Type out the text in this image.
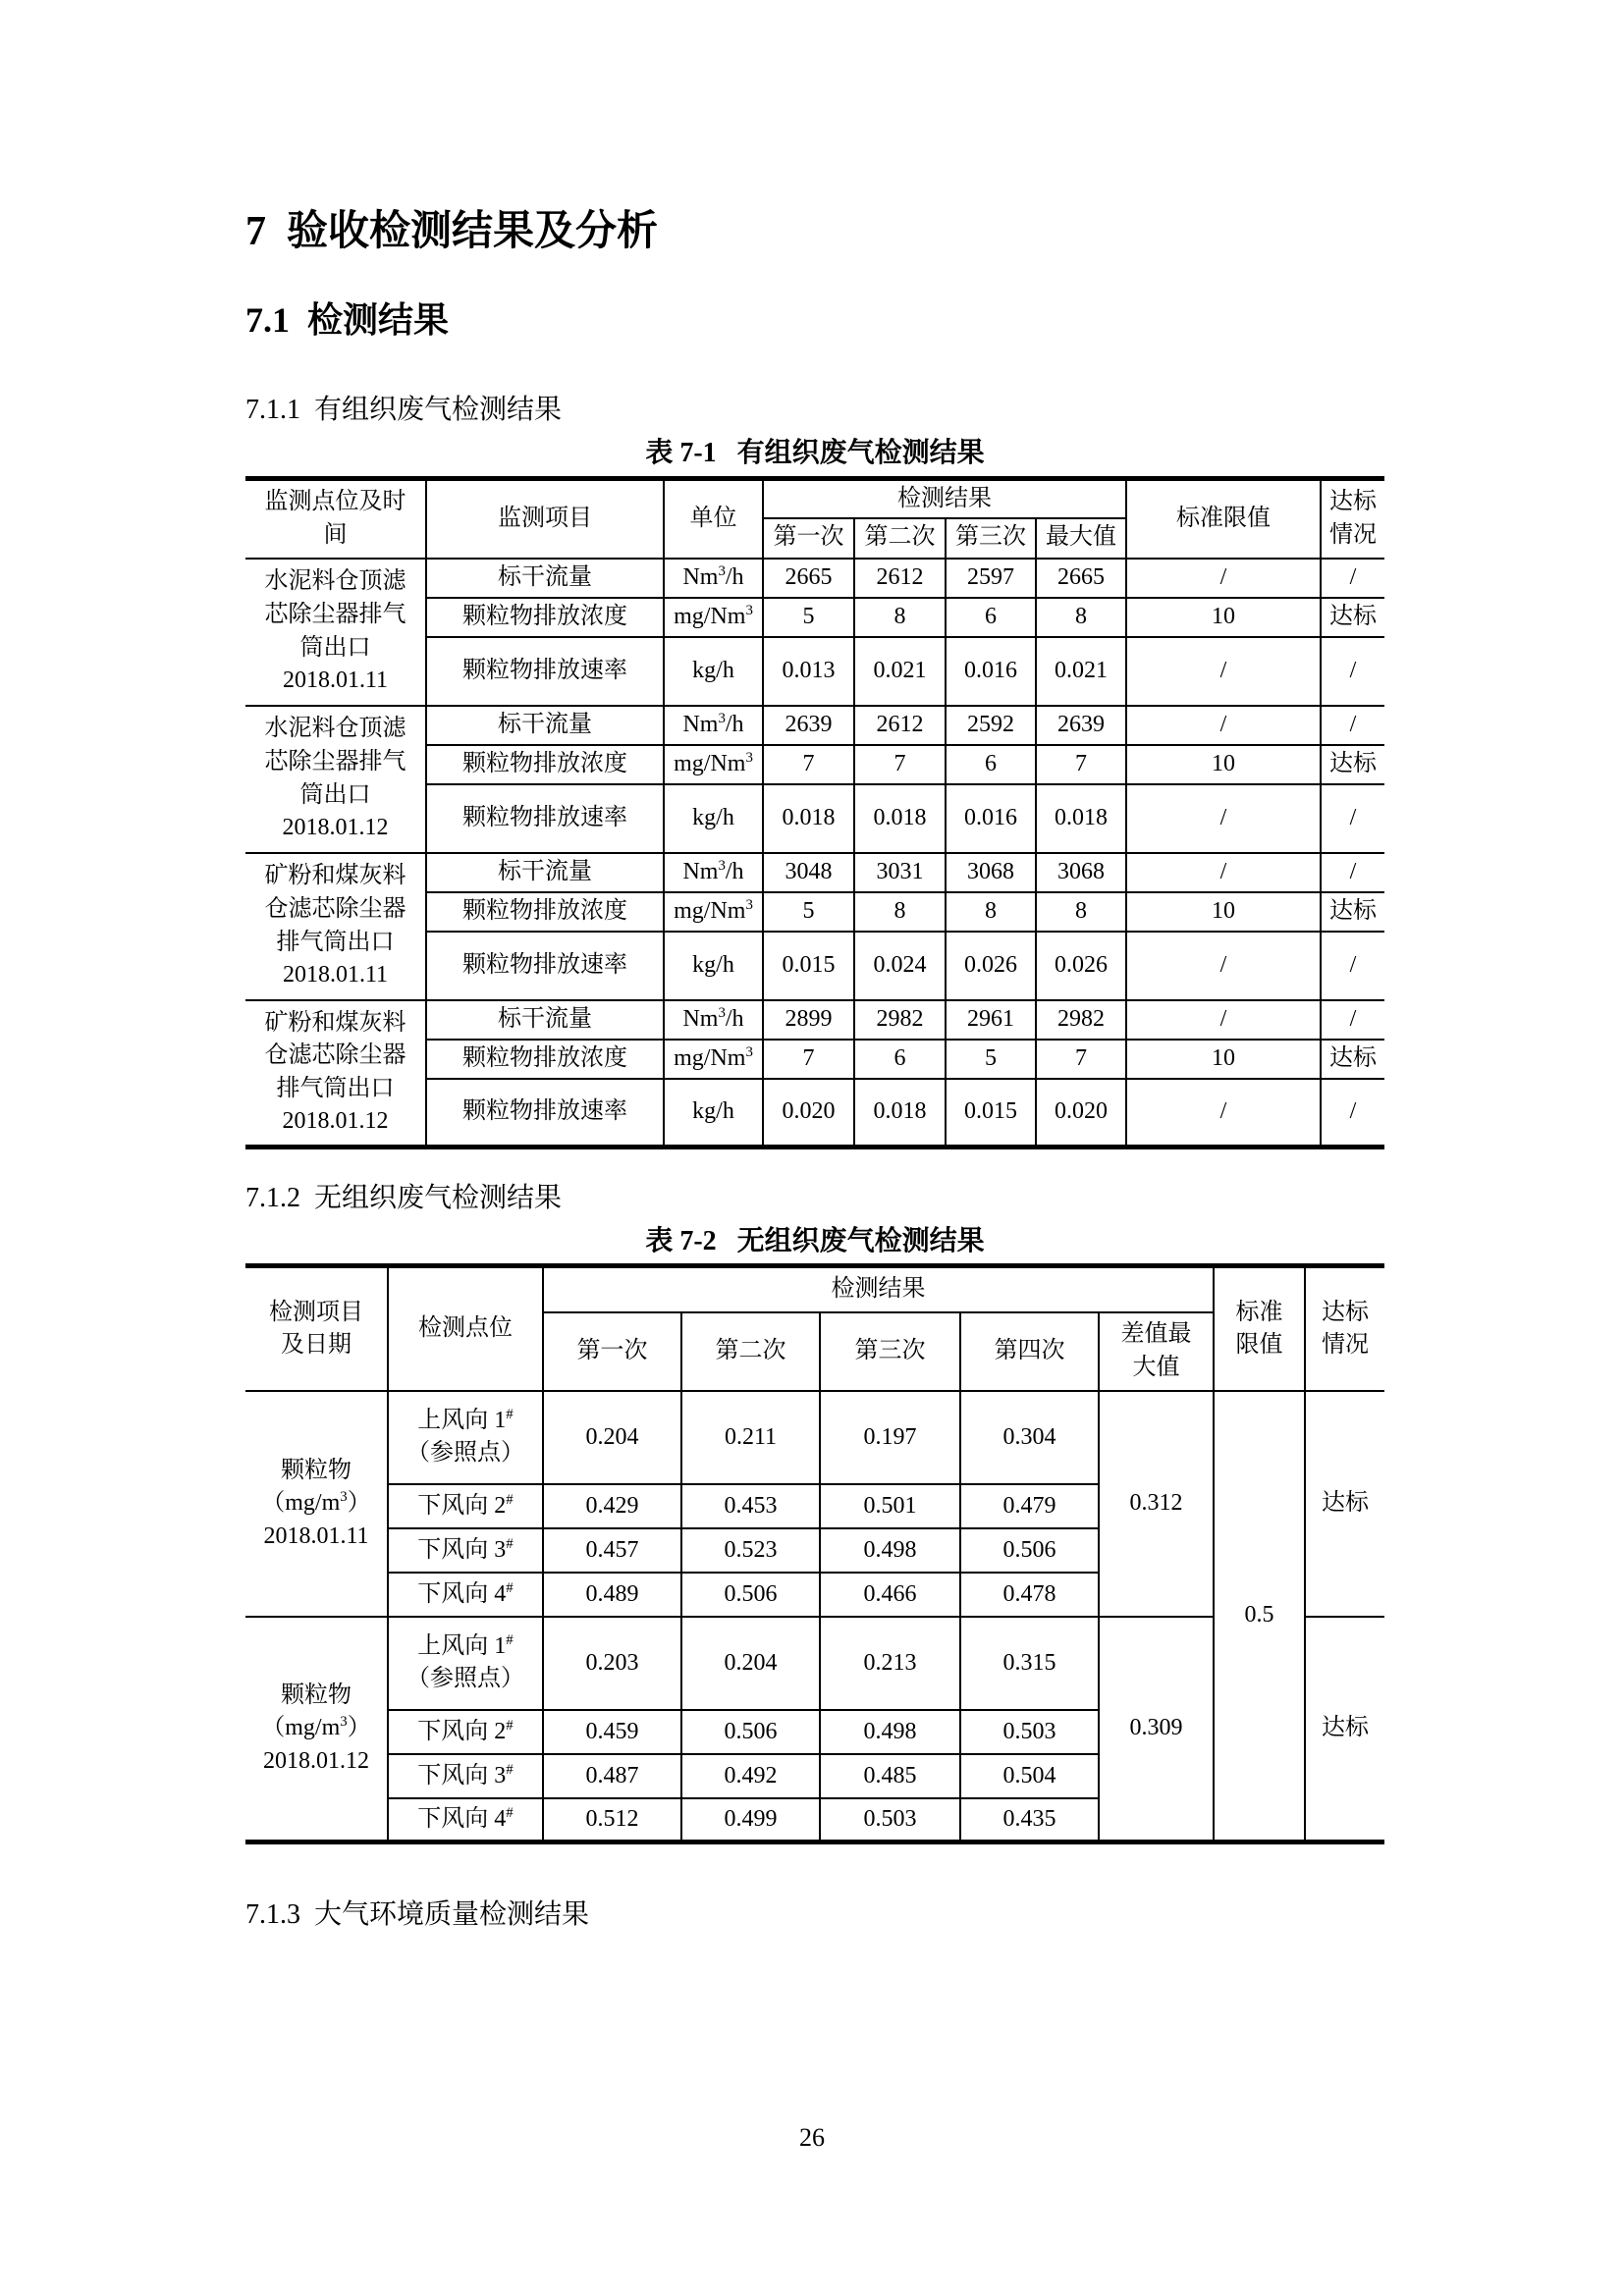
7  验收检测结果及分析
7.1  检测结果
7.1.1  有组织废气检测结果
表 7-1   有组织废气检测结果
监测点位及时
间	监测项目	单位	检测结果				标准限值	达标
情况
			第一次	第二次	第三次	最大值		
水泥料仓顶滤
芯除尘器排气
筒出口
2018.01.11	标干流量	Nm$^3$/h	2665	2612	2597	2665	/	/
	颗粒物排放浓度	mg/Nm$^3$	5	8	6	8	10	达标
	颗粒物排放速率	kg/h	0.013	0.021	0.016	0.021	/	/
水泥料仓顶滤
芯除尘器排气
筒出口
2018.01.12	标干流量	Nm$^3$/h	2639	2612	2592	2639	/	/
	颗粒物排放浓度	mg/Nm$^3$	7	7	6	7	10	达标
	颗粒物排放速率	kg/h	0.018	0.018	0.016	0.018	/	/
矿粉和煤灰料
仓滤芯除尘器
排气筒出口
2018.01.11	标干流量	Nm$^3$/h	3048	3031	3068	3068	/	/
	颗粒物排放浓度	mg/Nm$^3$	5	8	8	8	10	达标
	颗粒物排放速率	kg/h	0.015	0.024	0.026	0.026	/	/
矿粉和煤灰料
仓滤芯除尘器
排气筒出口
2018.01.12	标干流量	Nm$^3$/h	2899	2982	2961	2982	/	/
	颗粒物排放浓度	mg/Nm$^3$	7	6	5	7	10	达标
	颗粒物排放速率	kg/h	0.020	0.018	0.015	0.020	/	/
7.1.2  无组织废气检测结果
表 7-2   无组织废气检测结果
检测项目
及日期	检测点位	检测结果					标准
限值	达标
情况
		第一次	第二次	第三次	第四次	差值最
大值		
颗粒物
$(mg/m^3)$
2018.01.11	上风向 1#
（参照点）	0.204	0.211	0.197	0.304	0.312	0.5	达标
	下风向 2#	0.429	0.453	0.501	0.479			
	下风向 3#	0.457	0.523	0.498	0.506			
	下风向 4#	0.489	0.506	0.466	0.478			
颗粒物
$(mg/m^3)$
2018.01.12	上风向 1#
（参照点）	0.203	0.204	0.213	0.315	0.309		达标
	下风向 2#	0.459	0.506	0.498	0.503			
	下风向 3#	0.487	0.492	0.485	0.504			
	下风向 4#	0.512	0.499	0.503	0.435			
7.1.3  大气环境质量检测结果
26
